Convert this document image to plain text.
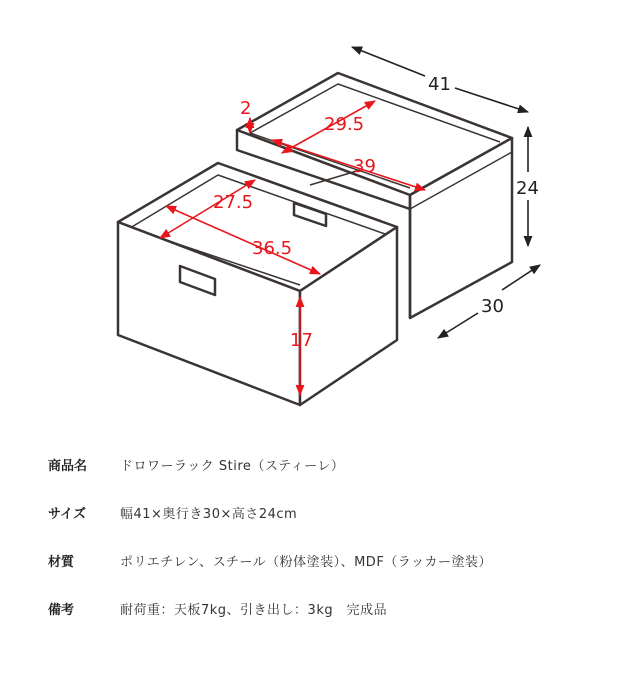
2
29.5
39
27.5
36.5
17
41
24
30
商品名	ドロワーラック Stire（スティーレ）
サイズ	幅41×奥行き30×高さ24cm
材質	ポリエチレン、スチール（粉体塗装）、MDF（ラッカー塗装）
備考	耐荷重：天板7kg、引き出し：3kg　完成品
